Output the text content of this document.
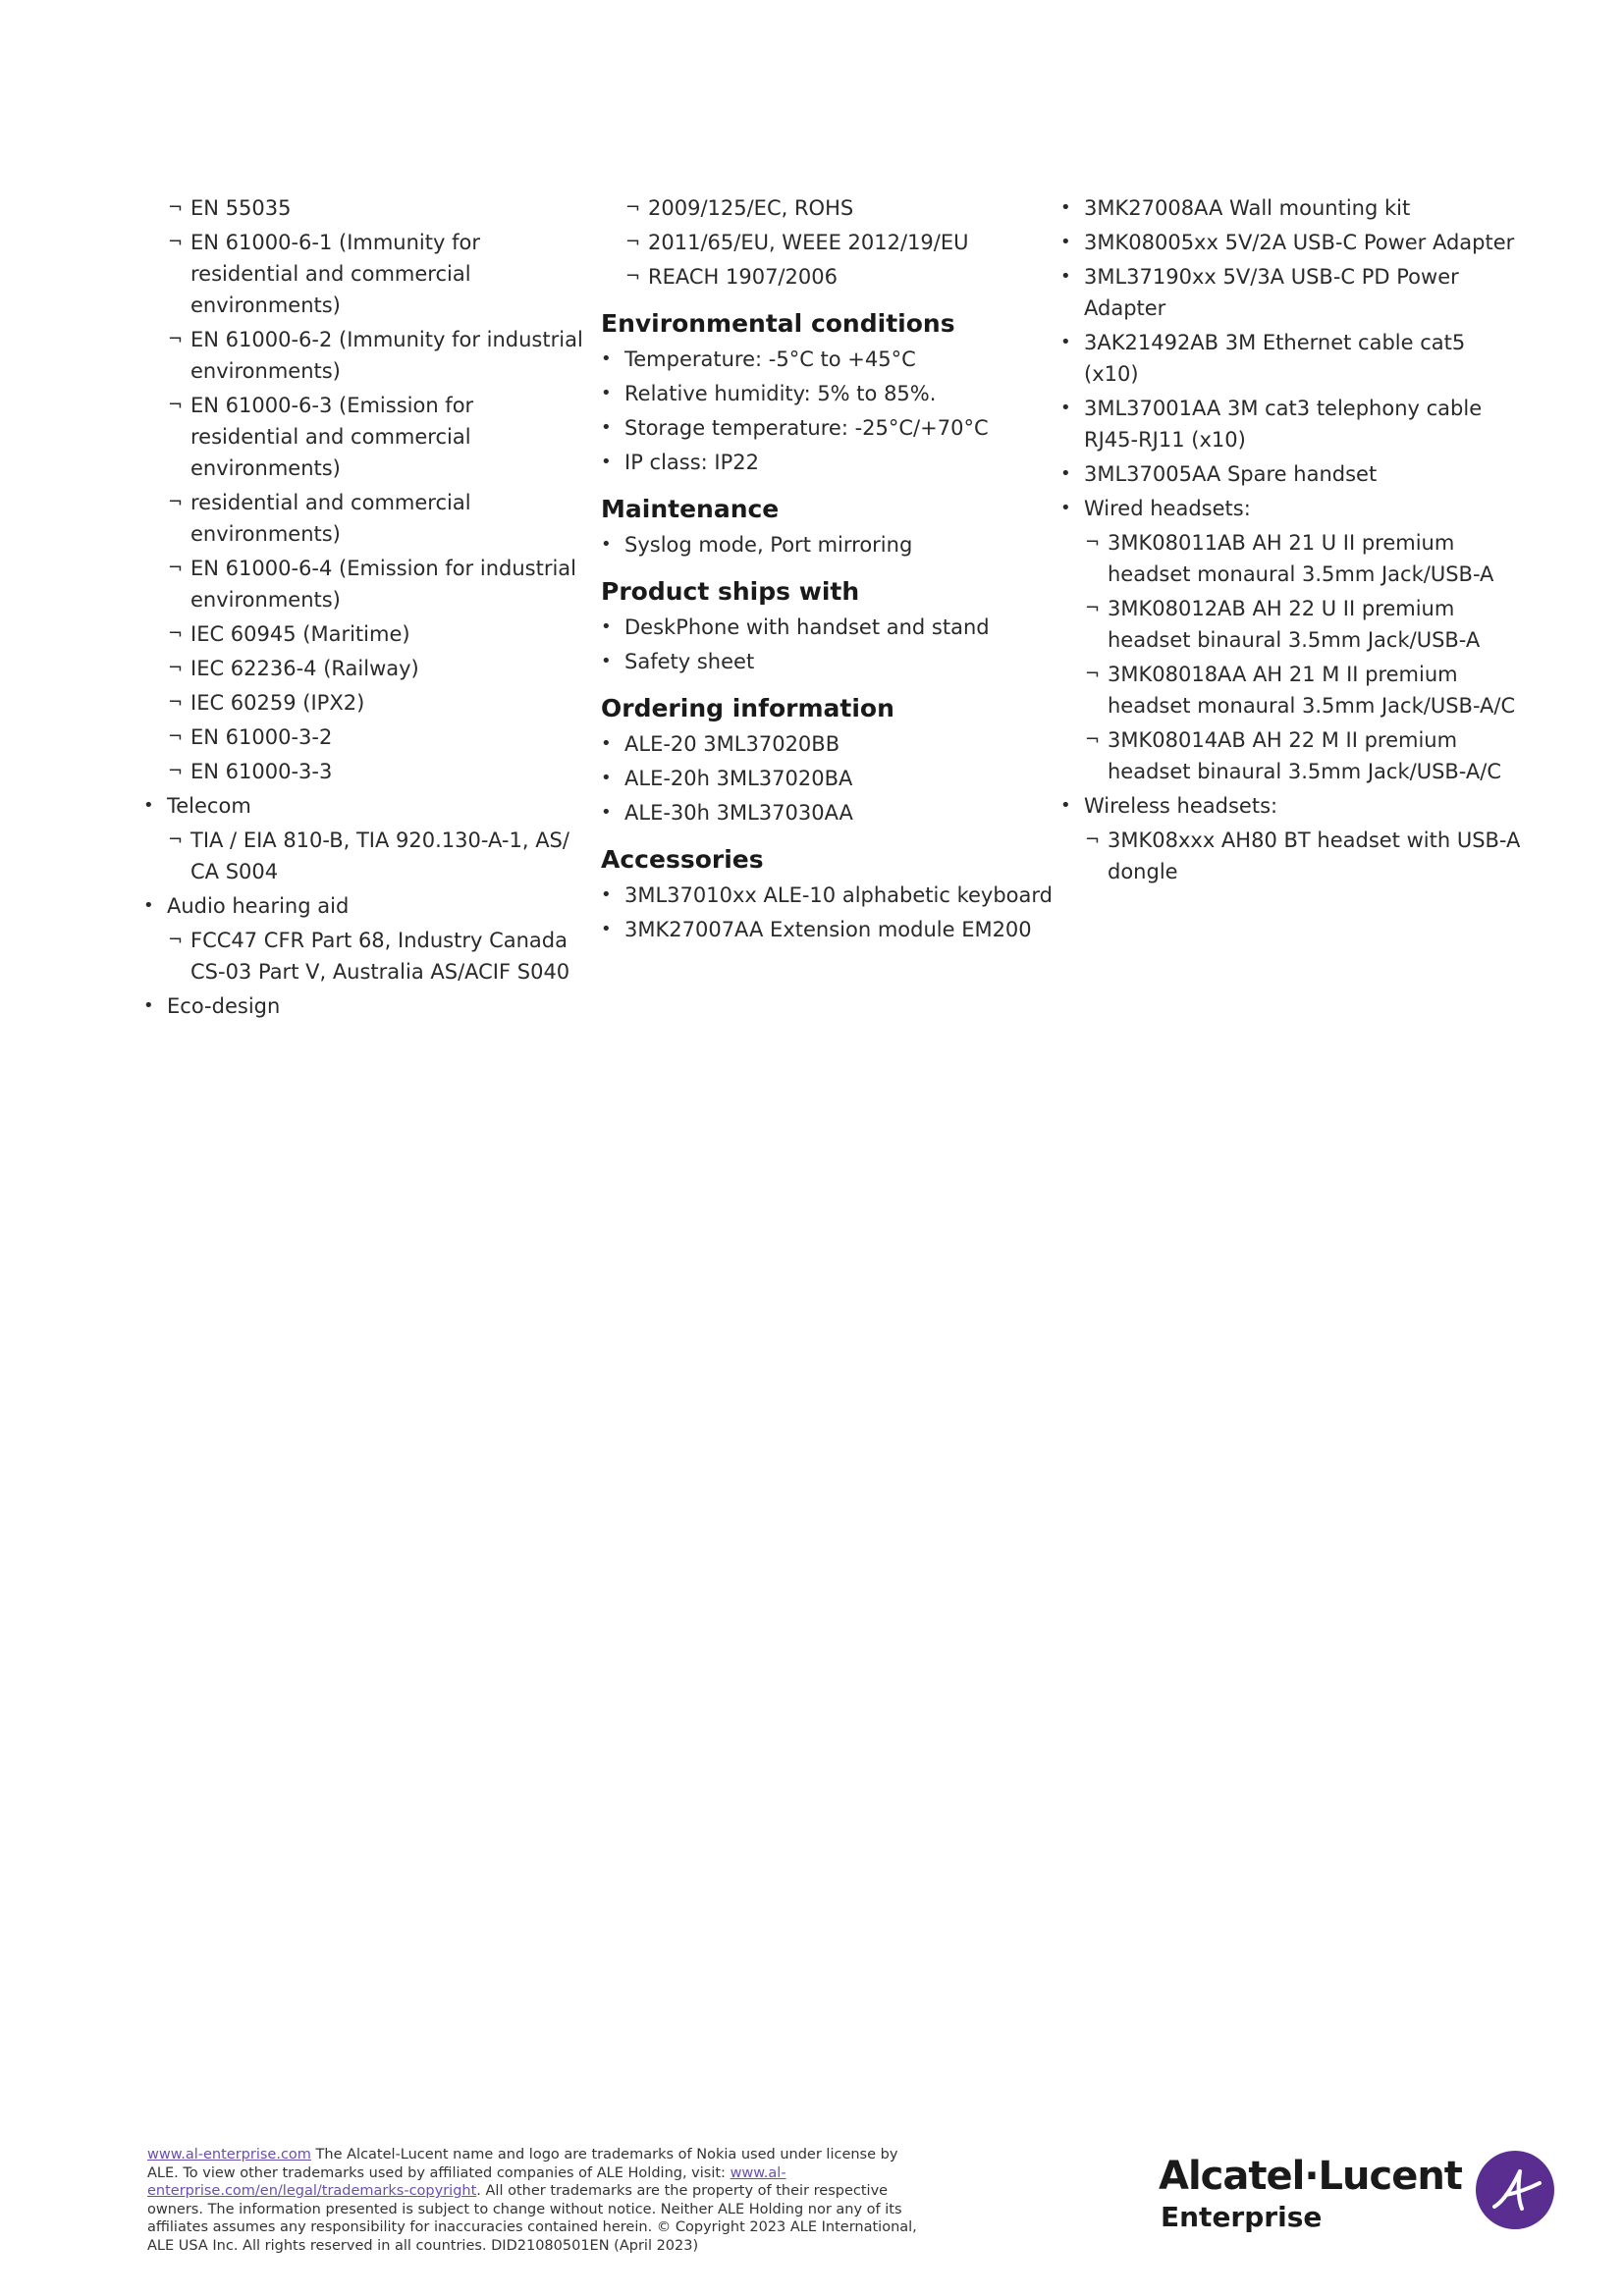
¬ EN 55035
¬ EN 61000-6-1 (Immunity for residential and commercial environments)
¬ EN 61000-6-2 (Immunity for industrial environments)
¬ EN 61000-6-3 (Emission for residential and commercial environments)
¬ residential and commercial environments)
¬ EN 61000-6-4 (Emission for industrial environments)
¬ IEC 60945 (Maritime)
¬ IEC 62236-4 (Railway)
¬ IEC 60259 (IPX2)
¬ EN 61000-3-2
¬ EN 61000-3-3
• Telecom
¬ TIA / EIA 810-B, TIA 920.130-A-1, AS/ CA S004
• Audio hearing aid
¬ FCC47 CFR Part 68, Industry Canada CS-03 Part V, Australia AS/ACIF S040
• Eco-design
¬ 2009/125/EC, ROHS
¬ 2011/65/EU, WEEE 2012/19/EU
¬ REACH 1907/2006
Environmental conditions
• Temperature: -5°C to +45°C
• Relative humidity: 5% to 85%.
• Storage temperature: -25°C/+70°C
• IP class: IP22
Maintenance
• Syslog mode, Port mirroring
Product ships with
• DeskPhone with handset and stand
• Safety sheet
Ordering information
• ALE-20 3ML37020BB
• ALE-20h 3ML37020BA
• ALE-30h 3ML37030AA
Accessories
• 3ML37010xx ALE-10 alphabetic keyboard
• 3MK27007AA Extension module EM200
• 3MK27008AA Wall mounting kit
• 3MK08005xx 5V/2A USB-C Power Adapter
• 3ML37190xx 5V/3A USB-C PD Power Adapter
• 3AK21492AB 3M Ethernet cable cat5 (x10)
• 3ML37001AA 3M cat3 telephony cable RJ45-RJ11 (x10)
• 3ML37005AA Spare handset
• Wired headsets:
¬ 3MK08011AB AH 21 U II premium headset monaural 3.5mm Jack/USB-A
¬ 3MK08012AB AH 22 U II premium headset binaural 3.5mm Jack/USB-A
¬ 3MK08018AA AH 21 M II premium headset monaural 3.5mm Jack/USB-A/C
¬ 3MK08014AB AH 22 M II premium headset binaural 3.5mm Jack/USB-A/C
• Wireless headsets:
¬ 3MK08xxx AH80 BT headset with USB-A dongle
www.al-enterprise.com The Alcatel-Lucent name and logo are trademarks of Nokia used under license by ALE. To view other trademarks used by affiliated companies of ALE Holding, visit: www.al-enterprise.com/en/legal/trademarks-copyright. All other trademarks are the property of their respective owners. The information presented is subject to change without notice. Neither ALE Holding nor any of its affiliates assumes any responsibility for inaccuracies contained herein. © Copyright 2023 ALE International, ALE USA Inc. All rights reserved in all countries. DID21080501EN (April 2023)
Alcatel·Lucent
Enterprise
